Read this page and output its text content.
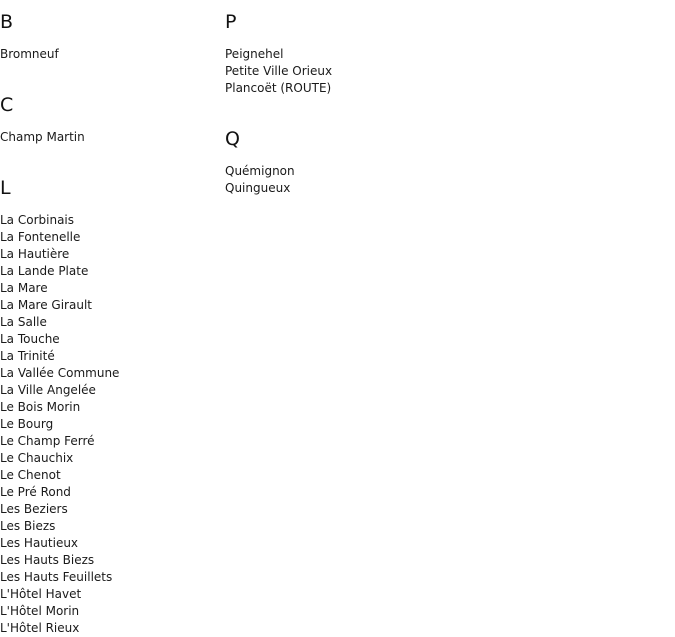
B
Bromneuf
C
Champ Martin
L
La Corbinais
La Fontenelle
La Hautière
La Lande Plate
La Mare
La Mare Girault
La Salle
La Touche
La Trinité
La Vallée Commune
La Ville Angelée
Le Bois Morin
Le Bourg
Le Champ Ferré
Le Chauchix
Le Chenot
Le Pré Rond
Les Beziers
Les Biezs
Les Hautieux
Les Hauts Biezs
Les Hauts Feuillets
L'Hôtel Havet
L'Hôtel Morin
L'Hôtel Rieux
P
Peignehel
Petite Ville Orieux
Plancoët (ROUTE)
Q
Quémignon
Quingueux
